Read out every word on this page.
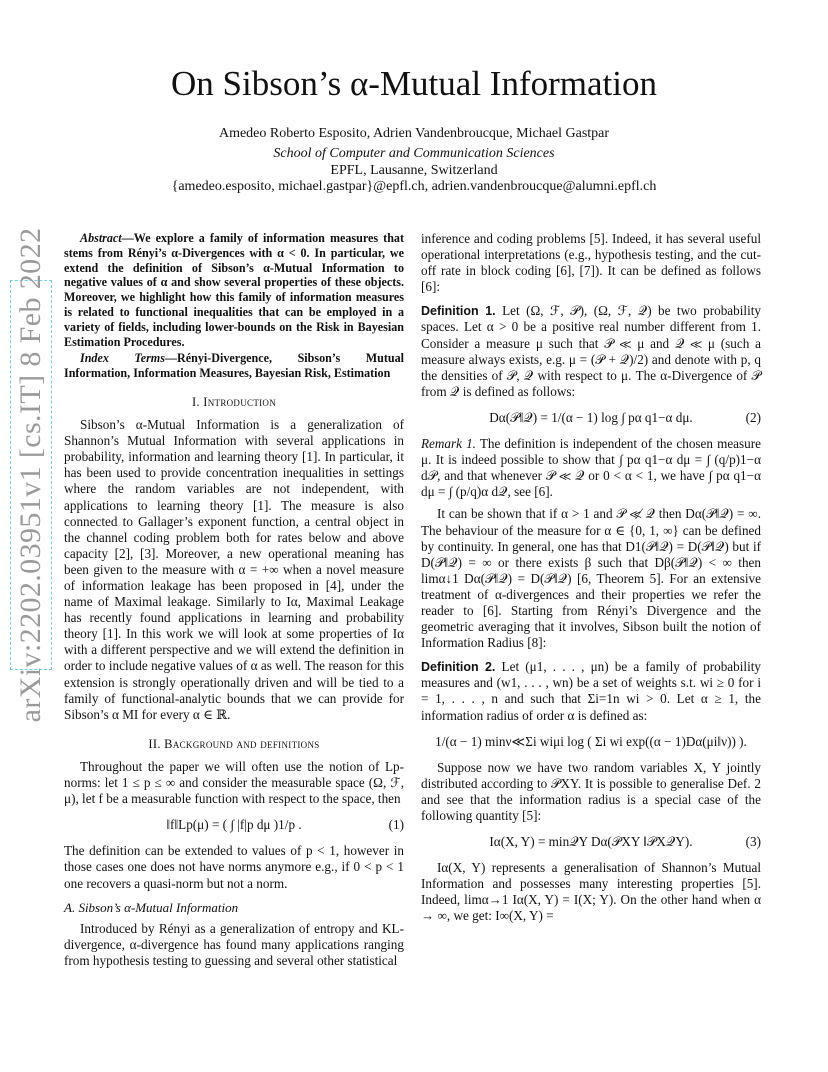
On Sibson’s α-Mutual Information
Amedeo Roberto Esposito, Adrien Vandenbroucque, Michael Gastpar
School of Computer and Communication Sciences
EPFL, Lausanne, Switzerland
{amedeo.esposito, michael.gastpar}@epfl.ch, adrien.vandenbroucque@alumni.epfl.ch
arXiv:2202.03951v1 [cs.IT] 8 Feb 2022	Abstract—We explore a family of information measures that stems from Rényi’s α-Divergences with α < 0. In particular, we extend the definition of Sibson’s α-Mutual Information to negative values of α and show several properties of these objects. Moreover, we highlight how this family of information measures is related to functional inequalities that can be employed in a variety of fields, including lower-bounds on the Risk in Bayesian Estimation Procedures.

Index Terms—Rényi-Divergence, Sibson’s Mutual Information, Information Measures, Bayesian Risk, Estimation

I. Introduction

Sibson’s α-Mutual Information is a generalization of Shannon’s Mutual Information with several applications in probability, information and learning theory [1]. In particular, it has been used to provide concentration inequalities in settings where the random variables are not independent, with applications to learning theory [1]. The measure is also connected to Gallager’s exponent function, a central object in the channel coding problem both for rates below and above capacity [2], [3]. Moreover, a new operational meaning has been given to the measure with α = +∞ when a novel measure of information leakage has been proposed in [4], under the name of Maximal leakage. Similarly to Iα, Maximal Leakage has recently found applications in learning and probability theory [1]. In this work we will look at some properties of Iα with a different perspective and we will extend the definition in order to include negative values of α as well. The reason for this extension is strongly operationally driven and will be tied to a family of functional-analytic bounds that we can provide for Sibson’s α MI for every α ∈ ℝ.

II. Background and definitions

Throughout the paper we will often use the notion of Lp-norms: let 1 ≤ p ≤ ∞ and consider the measurable space (Ω, ℱ, μ), let f be a measurable function with respect to the space, then

‖f‖Lp(μ) = ( ∫ |f|p dμ )1/p .	(1)

The definition can be extended to values of p < 1, however in those cases one does not have norms anymore e.g., if 0 < p < 1 one recovers a quasi-norm but not a norm.

A. Sibson’s α-Mutual Information

Introduced by Rényi as a generalization of entropy and KL-divergence, α-divergence has found many applications ranging from hypothesis testing to guessing and several other statistical

inference and coding problems [5]. Indeed, it has several useful operational interpretations (e.g., hypothesis testing, and the cut-off rate in block coding [6], [7]). It can be defined as follows [6]:

Definition 1. Let (Ω, ℱ, 𝒫), (Ω, ℱ, 𝒬) be two probability spaces. Let α > 0 be a positive real number different from 1. Consider a measure μ such that 𝒫 ≪ μ and 𝒬 ≪ μ (such a measure always exists, e.g. μ = (𝒫 + 𝒬)/2) and denote with p, q the densities of 𝒫, 𝒬 with respect to μ. The α-Divergence of 𝒫 from 𝒬 is defined as follows:

Dα(𝒫‖𝒬) = 1/(α − 1) log ∫ pα q1−α dμ.	(2)

Remark 1. The definition is independent of the chosen measure μ. It is indeed possible to show that ∫ pα q1−α dμ = ∫ (q/p)1−α d𝒫, and that whenever 𝒫 ≪ 𝒬 or 0 < α < 1, we have ∫ pα q1−α dμ = ∫ (p/q)α d𝒬, see [6].

It can be shown that if α > 1 and 𝒫 ≪̸ 𝒬 then Dα(𝒫‖𝒬) = ∞. The behaviour of the measure for α ∈ {0, 1, ∞} can be defined by continuity. In general, one has that D1(𝒫‖𝒬) = D(𝒫‖𝒬) but if D(𝒫‖𝒬) = ∞ or there exists β such that Dβ(𝒫‖𝒬) < ∞ then limα↓1 Dα(𝒫‖𝒬) = D(𝒫‖𝒬) [6, Theorem 5]. For an extensive treatment of α-divergences and their properties we refer the reader to [6]. Starting from Rényi’s Divergence and the geometric averaging that it involves, Sibson built the notion of Information Radius [8]:

Definition 2. Let (μ1, . . . , μn) be a family of probability measures and (w1, . . . , wn) be a set of weights s.t. wi ≥ 0 for i = 1, . . . , n and such that Σi=1n wi > 0. Let α ≥ 1, the information radius of order α is defined as:

1/(α − 1) minν≪Σi wiμi log ( Σi wi exp((α − 1)Dα(μi‖ν)) ).

Suppose now we have two random variables X, Y jointly distributed according to 𝒫XY. It is possible to generalise Def. 2 and see that the information radius is a special case of the following quantity [5]:

Iα(X, Y) = min𝒬Y Dα(𝒫XY ‖𝒫X𝒬Y).	(3)

Iα(X, Y) represents a generalisation of Shannon’s Mutual Information and possesses many interesting properties [5]. Indeed, limα→1 Iα(X, Y) = I(X; Y). On the other hand when α → ∞, we get: I∞(X, Y) =
